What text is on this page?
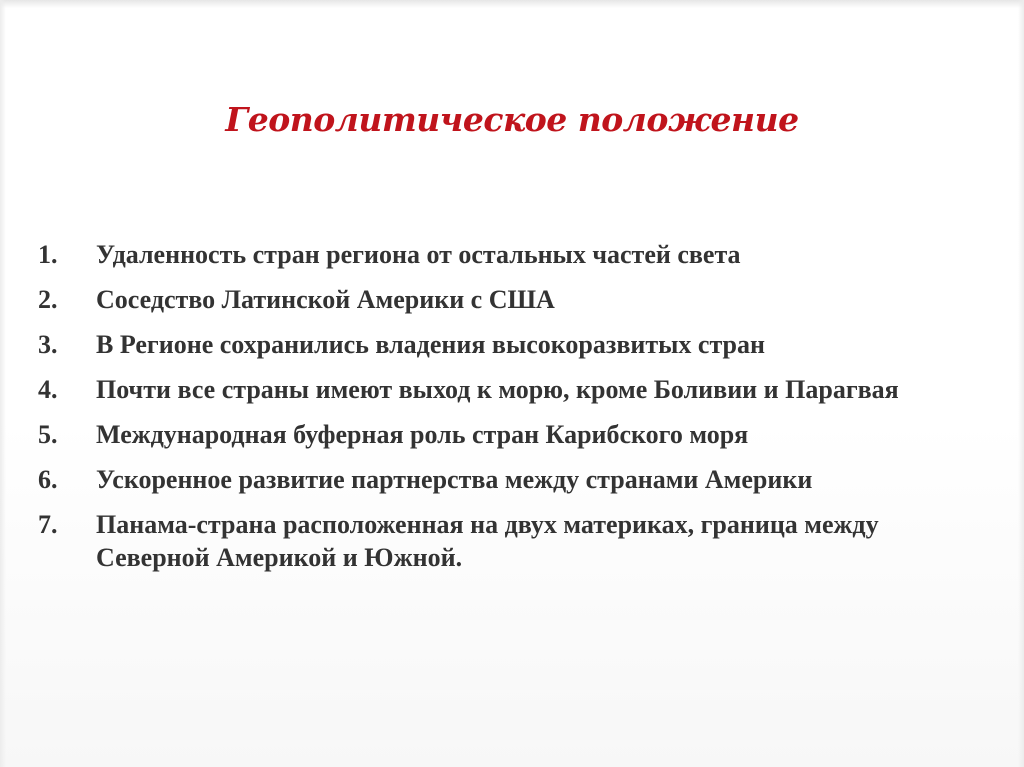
Геополитическое положение
1.	Удаленность стран региона от остальных частей света
2.	Соседство Латинской Америки с США
3.	В Регионе сохранились владения высокоразвитых стран
4.	Почти все страны имеют выход к морю, кроме Боливии и Парагвая
5.	Международная буферная роль стран Карибского моря
6.	Ускоренное развитие партнерства между странами Америки
7.	Панама-страна расположенная на двух материках, граница между  Северной Америкой и Южной.
